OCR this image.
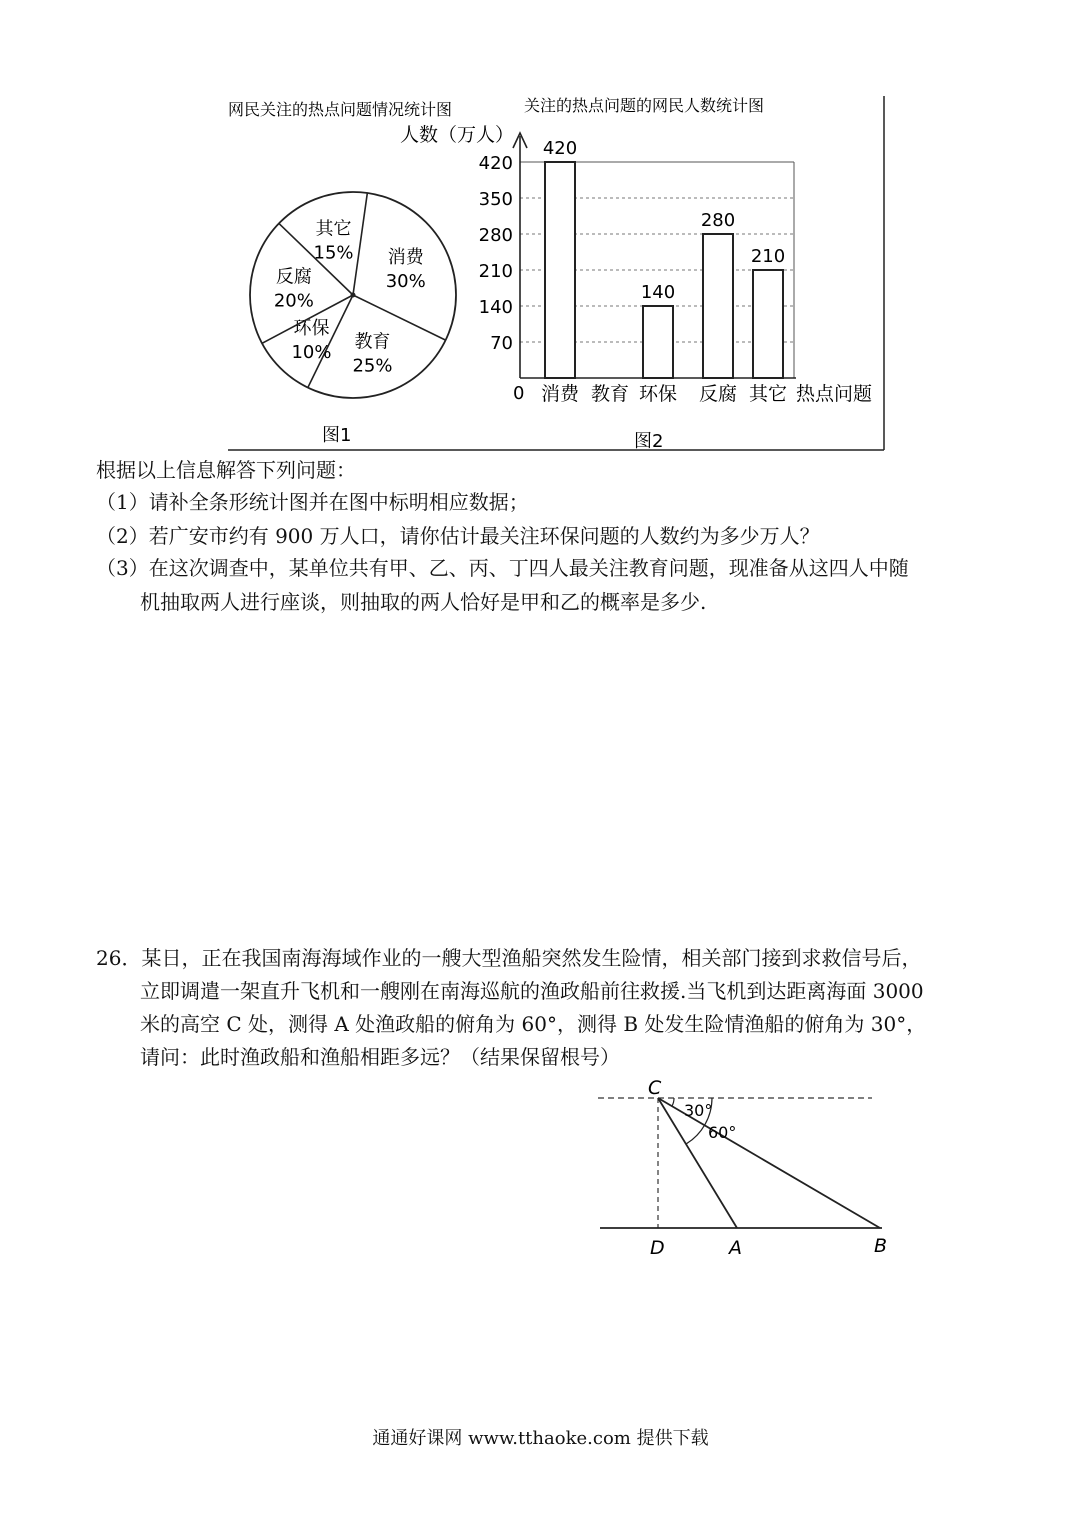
网民关注的热点问题情况统计图	关注的热点问题的网民人数统计图
消费
30%
教育
25%
环保
10%
反腐
20%
其它
15%
70
140
210
280
350
420
消费 教育 环保 反腐 其它
420
140
280
210
人数（万人）
热点问题
0
图1	图2
根据以上信息解答下列问题：
（1）请补全条形统计图并在图中标明相应数据；
（2）若广安市约有 900 万人口，请你估计最关注环保问题的人数约为多少万人？
（3）在这次调查中，某单位共有甲、乙、丙、丁四人最关注教育问题，现准备从这四人中随
机抽取两人进行座谈，则抽取的两人恰好是甲和乙的概率是多少.
26．某日，正在我国南海海域作业的一艘大型渔船突然发生险情，相关部门接到求救信号后，
立即调遣一架直升飞机和一艘刚在南海巡航的渔政船前往救援.当飞机到达距离海面 3000
米的高空 C 处，测得 A 处渔政船的俯角为 60°，测得 B 处发生险情渔船的俯角为 30°，
请问：此时渔政船和渔船相距多远？（结果保留根号）
C
D	A	B
30°
60°
通通好课网 www.tthaoke.com 提供下载
